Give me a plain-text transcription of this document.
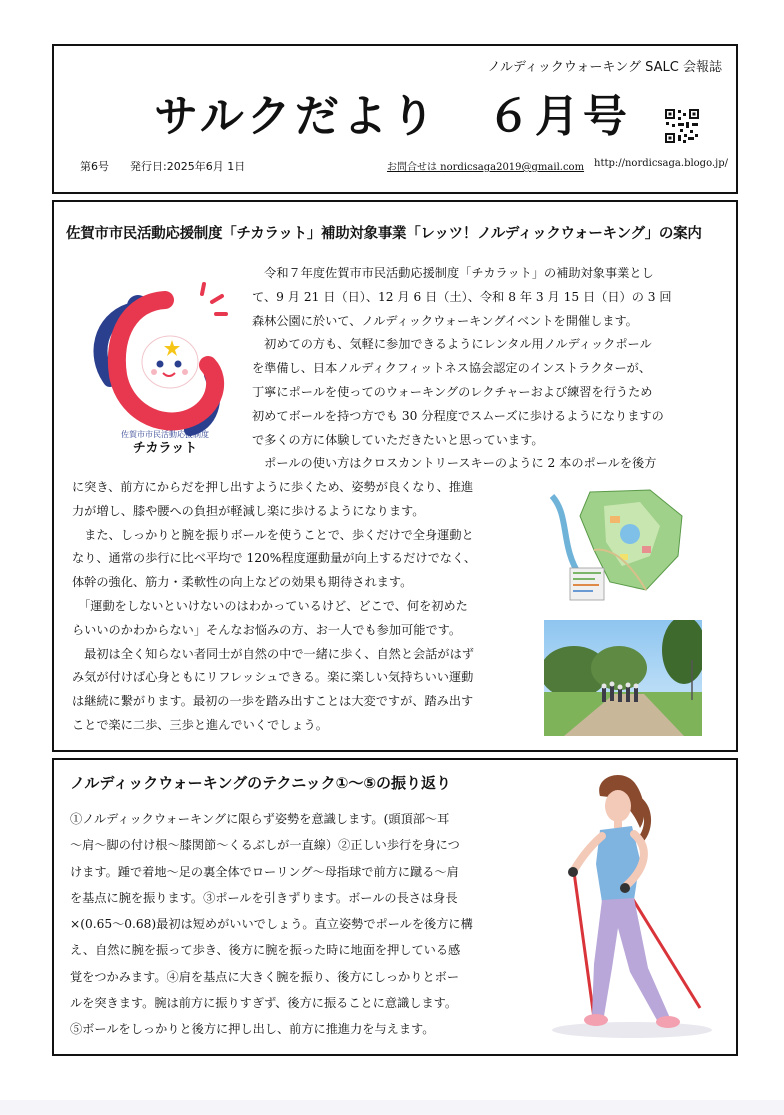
ノルディックウォーキング SALC 会報誌
サルクだより　６月号
第6号 発行日:2025年6月 1日	お問合せは nordicsaga2019@gmail.com http://nordicsaga.blogo.jp/
佐賀市市民活動応援制度「チカラット」補助対象事業「レッツ！ノルディックウォーキング」の案内
佐賀市市民活動応援制度
チカラット

　令和７年度佐賀市市民活動応援制度「チカラット」の補助対象事業とし

て、9 月 21 日（日）、12 月 6 日（土）、令和 8 年 3 月 15 日（日）の 3 回

森林公園に於いて、ノルディックウォーキングイベントを開催します。

　初めての方も、気軽に参加できるようにレンタル用ノルディックポール

を準備し、日本ノルディクフィットネス協会認定のインストラクターが、

丁寧にポールを使ってのウォーキングのレクチャーおよび練習を行うため

初めてボールを持つ方でも 30 分程度でスムーズに歩けるようになりますの

で多くの方に体験していただきたいと思っています。

　ポールの使い方はクロスカントリースキーのように 2 本のポールを後方

に突き、前方にからだを押し出すように歩くため、姿勢が良くなり、推進

力が増し、膝や腰への負担が軽減し楽に歩けるようになります。

　また、しっかりと腕を振りボールを使うことで、歩くだけで全身運動と

なり、通常の歩行に比べ平均で 120%程度運動量が向上するだけでなく、

体幹の強化、筋力・柔軟性の向上などの効果も期待されます。

　「運動をしないといけないのはわかっているけど、どこで、何を初めた

らいいのかわからない」そんなお悩みの方、お一人でも参加可能です。

　最初は全く知らない者同士が自然の中で一緒に歩く、自然と会話がはず

み気が付けば心身ともにリフレッシュできる。楽に楽しい気持ちいい運動

は継続に繋がります。最初の一歩を踏み出すことは大変ですが、踏み出す

ことで楽に二歩、三歩と進んでいくでしょう。

ノルディックウォーキングのテクニック①～⑤の振り返り

①ノルディックウォーキングに限らず姿勢を意識します。(頭頂部～耳

～肩～脚の付け根～膝関節～くるぶしが一直線）②正しい歩行を身につ

けます。踵で着地～足の裏全体でローリング～母指球で前方に蹴る～肩

を基点に腕を振ります。③ポールを引きずります。ボールの長さは身長

×(0.65～0.68)最初は短めがいいでしょう。直立姿勢でポールを後方に構

え、自然に腕を振って歩き、後方に腕を振った時に地面を押している感

覚をつかみます。④肩を基点に大きく腕を振り、後方にしっかりとボー

ルを突きます。腕は前方に振りすぎず、後方に振ることに意識します。

⑤ボールをしっかりと後方に押し出し、前方に推進力を与えます。
